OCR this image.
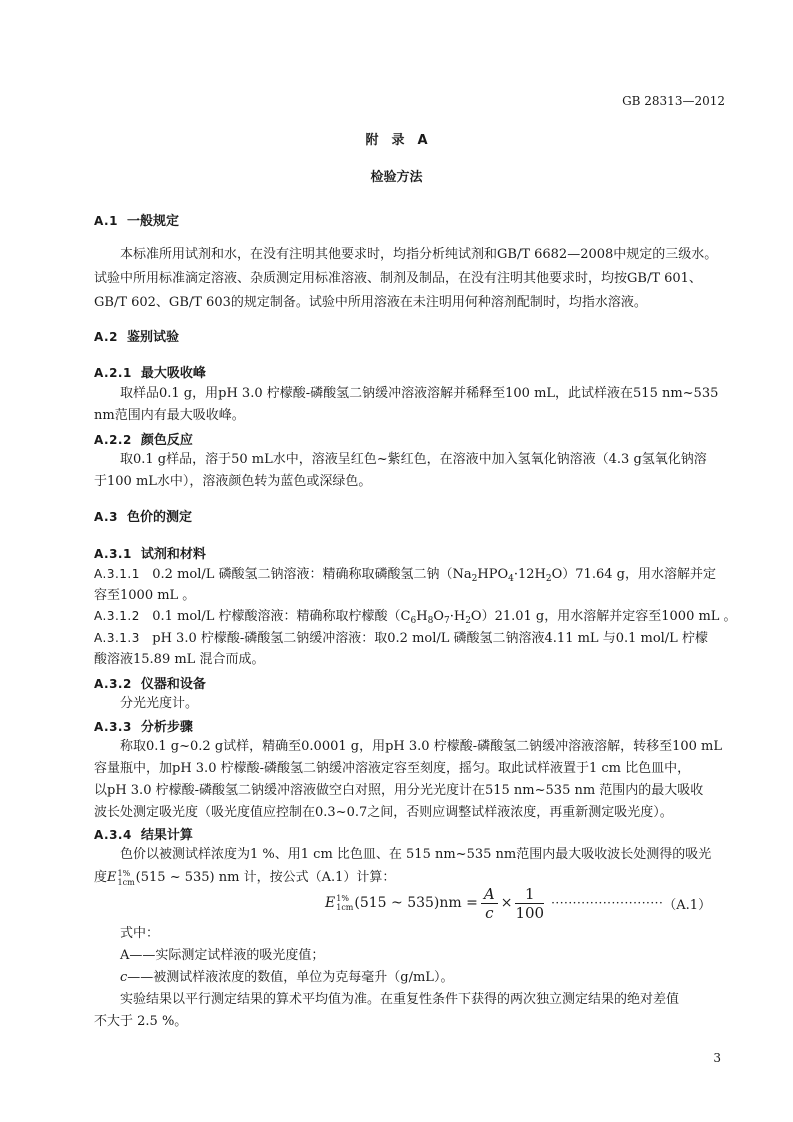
GB 28313—2012
附　录　A
检验方法
A.1 一般规定
本标准所用试剂和水，在没有注明其他要求时，均指分析纯试剂和GB/T 6682—2008中规定的三级水。
试验中所用标准滴定溶液、杂质测定用标准溶液、制剂及制品，在没有注明其他要求时，均按GB/T 601、
GB/T 602、GB/T 603的规定制备。试验中所用溶液在未注明用何种溶剂配制时，均指水溶液。
A.2 鉴别试验
A.2.1 最大吸收峰
取样品0.1 g，用pH 3.0 柠檬酸-磷酸氢二钠缓冲溶液溶解并稀释至100 mL，此试样液在515 nm~535
nm范围内有最大吸收峰。
A.2.2 颜色反应
取0.1 g样品，溶于50 mL水中，溶液呈红色~紫红色，在溶液中加入氢氧化钠溶液（4.3 g氢氧化钠溶
于100 mL水中），溶液颜色转为蓝色或深绿色。
A.3 色价的测定
A.3.1 试剂和材料
A.3.1.1 0.2 mol/L 磷酸氢二钠溶液：精确称取磷酸氢二钠$(Na_2HPO_4\cdot 12H_2O)71.64$ g，用水溶解并定
容至1000 mL 。
A.3.1.2 0.1 mol/L 柠檬酸溶液：精确称取柠檬酸$(C_6H_8O_7\cdot H_2O)21.01$ g，用水溶解并定容至1000 mL 。
A.3.1.3 pH 3.0 柠檬酸-磷酸氢二钠缓冲溶液：取0.2 mol/L 磷酸氢二钠溶液4.11 mL 与0.1 mol/L 柠檬
酸溶液15.89 mL 混合而成。
A.3.2 仪器和设备
分光光度计。
A.3.3 分析步骤
称取0.1 g~0.2 g试样，精确至0.0001 g，用pH 3.0 柠檬酸-磷酸氢二钠缓冲溶液溶解，转移至100 mL
容量瓶中，加pH 3.0 柠檬酸-磷酸氢二钠缓冲溶液定容至刻度，摇匀。取此试样液置于1 cm 比色皿中，
以pH 3.0 柠檬酸-磷酸氢二钠缓冲溶液做空白对照，用分光光度计在515 nm~535 nm 范围内的最大吸收
波长处测定吸光度（吸光度值应控制在0.3~0.7之间，否则应调整试样液浓度，再重新测定吸光度）。
A.3.4 结果计算
色价以被测试样浓度为1 %、用1 cm 比色皿、在 515 nm~535 nm范围内最大吸收波长处测得的吸光
度E 1%
1cm (515 ~ 535) nm 计，按公式（A.1）计算：
E 1%
1cm (515 ~ $535)nm = \frac{A}{c} \times \frac{1}{100}$ ·························· （A.1）
式中：
A——实际测定试样液的吸光度值；
c——被测试样液浓度的数值，单位为克每毫升（g/mL）。
实验结果以平行测定结果的算术平均值为准。在重复性条件下获得的两次独立测定结果的绝对差值
不大于 2.5 %。
3
